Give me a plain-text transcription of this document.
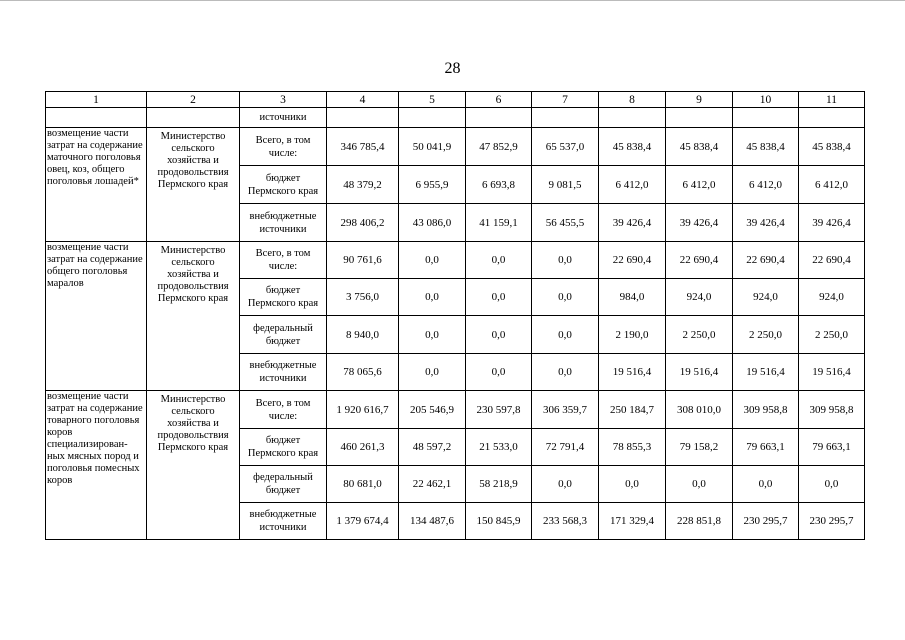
28
1	2	3	4	5	6	7	8	9	10	11
		источники								
возмещение части затрат на содержание маточного поголовья овец, коз, общего поголовья лошадей*	Министерство сельского хозяйства и продовольствия Пермского края	Всего, в том числе:	346 785,4	50 041,9	47 852,9	65 537,0	45 838,4	45 838,4	45 838,4	45 838,4
		бюджет Пермского края	48 379,2	6 955,9	6 693,8	9 081,5	6 412,0	6 412,0	6 412,0	6 412,0
		внебюджетные источники	298 406,2	43 086,0	41 159,1	56 455,5	39 426,4	39 426,4	39 426,4	39 426,4
возмещение части затрат на содержание общего поголовья маралов	Министерство сельского хозяйства и продовольствия Пермского края	Всего, в том числе:	90 761,6	0,0	0,0	0,0	22 690,4	22 690,4	22 690,4	22 690,4
		бюджет Пермского края	3 756,0	0,0	0,0	0,0	984,0	924,0	924,0	924,0
		федеральный бюджет	8 940,0	0,0	0,0	0,0	2 190,0	2 250,0	2 250,0	2 250,0
		внебюджетные источники	78 065,6	0,0	0,0	0,0	19 516,4	19 516,4	19 516,4	19 516,4
возмещение части затрат на содержание товарного поголовья коров специализирован-ных мясных пород и поголовья помесных коров	Министерство сельского хозяйства и продовольствия Пермского края	Всего, в том числе:	1 920 616,7	205 546,9	230 597,8	306 359,7	250 184,7	308 010,0	309 958,8	309 958,8
		бюджет Пермского края	460 261,3	48 597,2	21 533,0	72 791,4	78 855,3	79 158,2	79 663,1	79 663,1
		федеральный бюджет	80 681,0	22 462,1	58 218,9	0,0	0,0	0,0	0,0	0,0
		внебюджетные источники	1 379 674,4	134 487,6	150 845,9	233 568,3	171 329,4	228 851,8	230 295,7	230 295,7
